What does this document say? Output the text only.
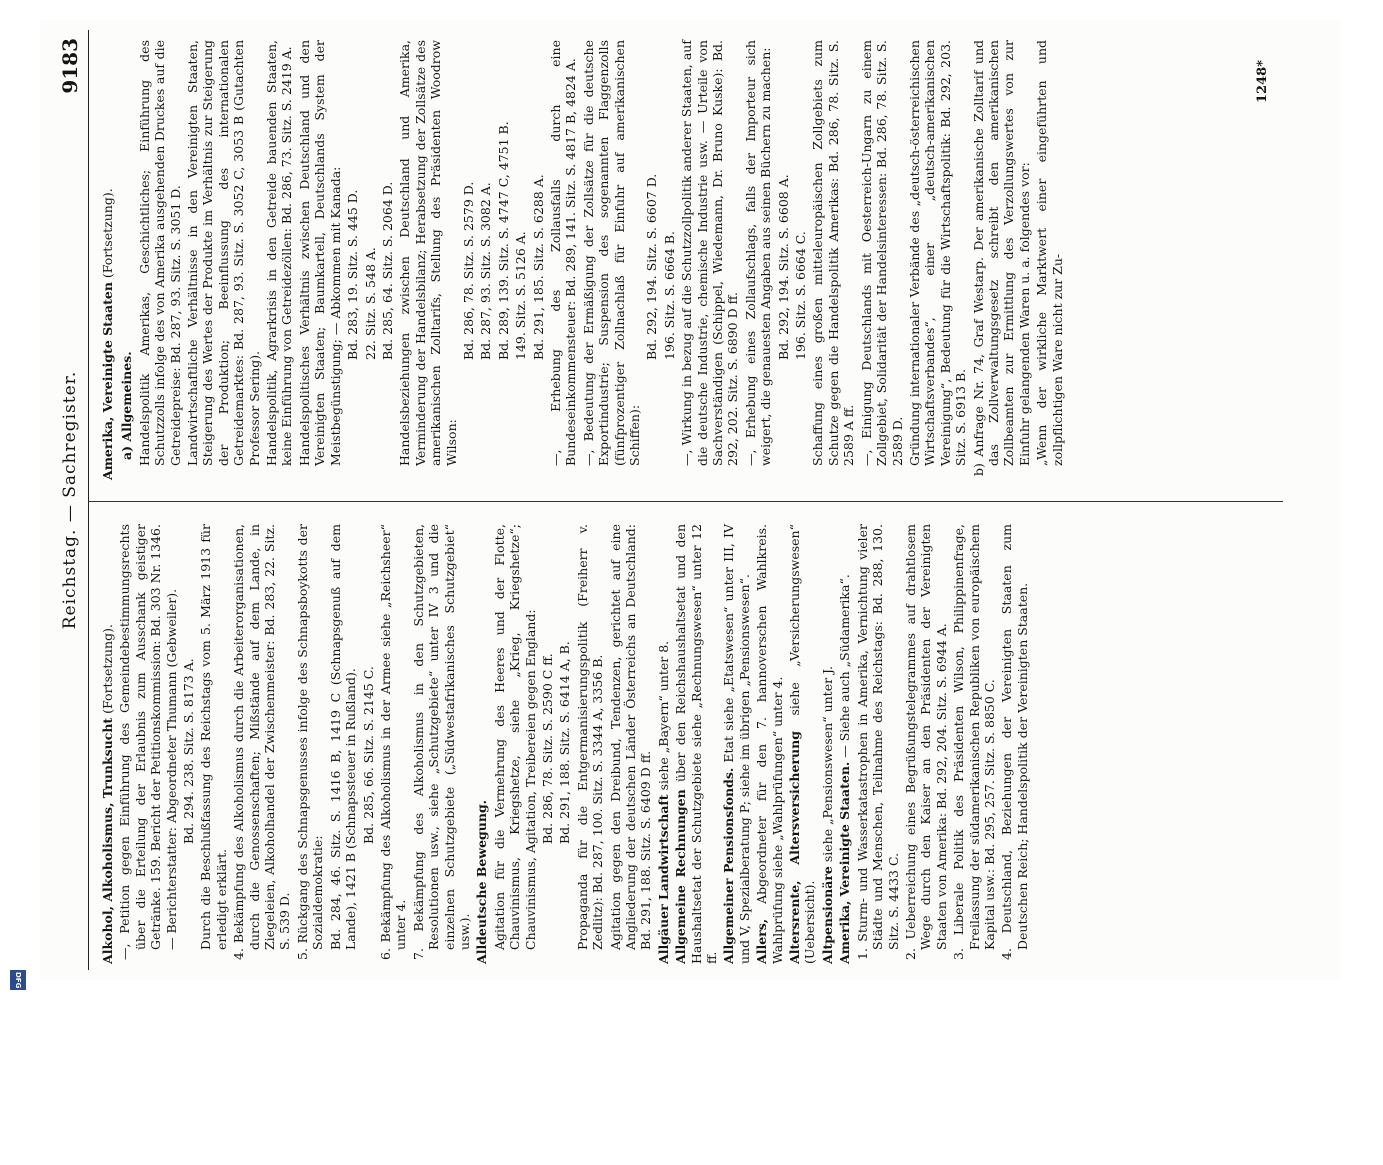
Reichstag. — Sachregister.
9183
Alkohol, Alkoholismus, Trunksucht (Fortsetzung). —, Petition gegen Einführung des Gemeindebestimmungsrechts über die Erteilung der Erlaubnis zum Ausschank geistiger Getränke. 159. Bericht der Petitionskommission: Bd. 303 Nr. 1346. — Berichterstatter: Abgeordneter Thumann (Gebweiler). Bd. 294. 238. Sitz. S. 8173 A. Durch die Beschlußfassung des Reichstags vom 5. März 1913 für erledigt erklärt. 4. Bekämpfung des Alkoholismus durch die Arbeiterorganisationen, durch die Genossenschaften; Mißstände auf dem Lande, in Ziegeleien, Alkoholhandel der Zwischenmeister: Bd. 283, 22. Sitz. S. 539 D. 5. Rückgang des Schnapsgenusses infolge des Schnapsboykotts der Sozialdemokratie: Bd. 284, 46. Sitz. S. 1416 B, 1419 C (Schnapsgenuß auf dem Lande), 1421 B (Schnapssteuer in Rußland). Bd. 285, 66. Sitz. S. 2145 C. 6. Bekämpfung des Alkoholismus in der Armee siehe „Reichsheer“ unter 4. 7. Bekämpfung des Alkoholismus in den Schutzgebieten, Resolutionen usw., siehe „Schutzgebiete“ unter IV 3 und die einzelnen Schutzgebiete („Südwestafrikanisches Schutzgebiet“ usw.). Alldeutsche Bewegung. Agitation für die Vermehrung des Heeres und der Flotte, Chauvinismus, Kriegshetze, siehe „Krieg, Kriegshetze“; Chauvinismus, Agitation, Treibereien gegen England: Bd. 286, 78. Sitz. S. 2590 C ff. Bd. 291, 188. Sitz. S. 6414 A, B. Propaganda für die Entgermanisierungspolitik (Freiherr v. Zedlitz): Bd. 287, 100. Sitz. S. 3344 A, 3356 B. Agitation gegen den Dreibund, Tendenzen, gerichtet auf eine Angliederung der deutschen Länder Österreichs an Deutschland: Bd. 291, 188. Sitz. S. 6409 D ff. Allgäuer Landwirtschaft siehe „Bayern“ unter 8.
Allgemeine Rechnungen über den Reichshaushaltsetat und den Haushaltsetat der Schutzgebiete siehe „Rechnungswesen“ unter 12 ff. Allgemeiner Pensionsfonds. Etat siehe „Etatswesen“ unter III, IV und V, Spezialberatung P; siehe im übrigen „Pensionswesen“. Allers, Abgeordneter für den 7. hannoverschen Wahlkreis. Wahlprüfung siehe „Wahlprüfungen“ unter 4. Altersrente, Altersversicherung siehe „Versicherungswesen“ (Uebersicht). Altpensionäre siehe „Pensionswesen“ unter J. Amerika, Vereinigte Staaten. — Siehe auch „Südamerika“. 1. Sturm- und Wasserkatastrophen in Amerika, Vernichtung vieler Städte und Menschen, Teilnahme des Reichstags: Bd. 288, 130. Sitz. S. 4433 C. 2. Ueberreichung eines Begrüßungstelegrammes auf drahtlosem Wege durch den Kaiser an den Präsidenten der Vereinigten Staaten von Amerika: Bd. 292, 204. Sitz. S. 6944 A. 3. Liberale Politik des Präsidenten Wilson, Philippinenfrage, Freilassung der südamerikanischen Republiken von europäischem Kapital usw.: Bd. 295, 257. Sitz. S. 8850 C. 4. Deutschland, Beziehungen der Vereinigten Staaten zum Deutschen Reich; Handelspolitik der Vereinigten Staaten.
Amerika, Vereinigte Staaten (Fortsetzung).
a) Allgemeines. Handelspolitik Amerikas, Geschichtliches; Einführung des Schutzzolls infolge des von Amerika ausgehenden Druckes auf die Getreidepreise: Bd. 287, 93. Sitz. S. 3051 D. Landwirtschaftliche Verhältnisse in den Vereinigten Staaten, Steigerung des Wertes der Produkte im Verhältnis zur Steigerung der Produktion; Beeinflussung des internationalen Getreidemarktes: Bd. 287, 93. Sitz. S. 3052 C, 3053 B (Gutachten Professor Sering). Handelspolitik, Agrarkrisis in den Getreide bauenden Staaten, keine Einführung von Getreidezöllen: Bd. 286, 73. Sitz. S. 2419 A. Handelspolitisches Verhältnis zwischen Deutschland und den Vereinigten Staaten; Baumkartell, Deutschlands System der Meistbegünstigung; — Abkommen mit Kanada: Bd. 283, 19. Sitz. S. 445 D. 22. Sitz. S. 548 A. Bd. 285, 64. Sitz. S. 2064 D. Handelsbeziehungen zwischen Deutschland und Amerika, Verminderung der Handelsbilanz; Herabsetzung der Zollsätze des amerikanischen Zolltarifs, Stellung des Präsidenten Woodrow Wilson:
Bd. 286, 78. Sitz. S. 2579 D. Bd. 287, 93. Sitz. S. 3082 A. Bd. 289, 139. Sitz. S. 4747 C, 4751 B. 149. Sitz. S. 5126 A. Bd. 291, 185. Sitz. S. 6288 A. —, Erhebung des Zollausfalls durch eine Bundeseinkommensteuer: Bd. 289, 141. Sitz. S. 4817 B, 4824 A. —, Bedeutung der Ermäßigung der Zollsätze für die deutsche Exportindustrie; Suspension des sogenannten Flaggenzolls (fünfprozentiger Zollnachlaß für Einfuhr auf amerikanischen Schiffen):
Bd. 292, 194. Sitz. S. 6607 D. 196. Sitz. S. 6664 B. —, Wirkung in bezug auf die Schutzzollpolitik anderer Staaten, auf die deutsche Industrie, chemische Industrie usw. — Urteile von Sachverständigen (Schippel, Wiedemann, Dr. Bruno Kuske): Bd. 292, 202. Sitz. S. 6890 D ff. —, Erhebung eines Zollaufschlags, falls der Importeur sich weigert, die genauesten Angaben aus seinen Büchern zu machen: Bd. 292, 194. Sitz. S. 6608 A. 196. Sitz. S. 6664 C. Schaffung eines großen mitteleuropäischen Zollgebiets zum Schutze gegen die Handelspolitik Amerikas: Bd. 286, 78. Sitz. S. 2589 A ff. —, Einigung Deutschlands mit Oesterreich-Ungarn zu einem Zollgebiet, Solidarität der Handelsinteressen: Bd. 286, 78. Sitz. S. 2589 D. Gründung internationaler Verbände des „deutsch-österreichischen Wirtschaftsverbandes“, einer „deutsch-amerikanischen Vereinigung“, Bedeutung für die Wirtschaftspolitik: Bd. 292, 203. Sitz. S. 6913 B. b) Anfrage Nr. 74, Graf Westarp. Der amerikanische Zolltarif und das Zollverwaltungsgesetz schreibt den amerikanischen Zollbeamten zur Ermittlung des Verzollungswertes von zur Einfuhr gelangenden Waren u. a. folgendes vor: „Wenn der wirkliche Marktwert einer eingeführten und zollpflichtigen Ware nicht zur Zu-
1248*
DFG
